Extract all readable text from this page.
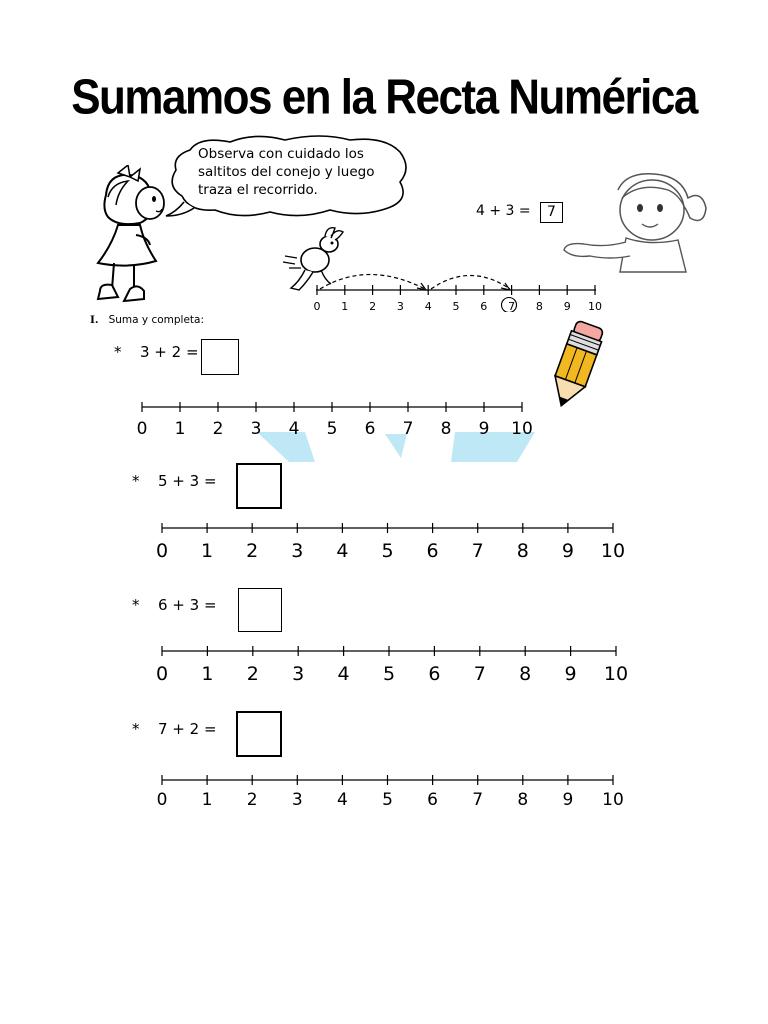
Sumamos en la Recta Numérica
Observa con cuidado los
saltitos del conejo y luego
traza el recorrido.
4 + 3 =	7
0 1 2 3 4 5 6 7 8 9 10
I. Suma y completa:
* 3 + 2 =
0 1 2 3 4 5 6 7 8 9 10
* 5 + 3 =
0 1 2 3 4 5 6 7 8 9 10
* 6 + 3 =
0 1 2 3 4 5 6 7 8 9 10
* 7 + 2 =
0 1 2 3 4 5 6 7 8 9 10
